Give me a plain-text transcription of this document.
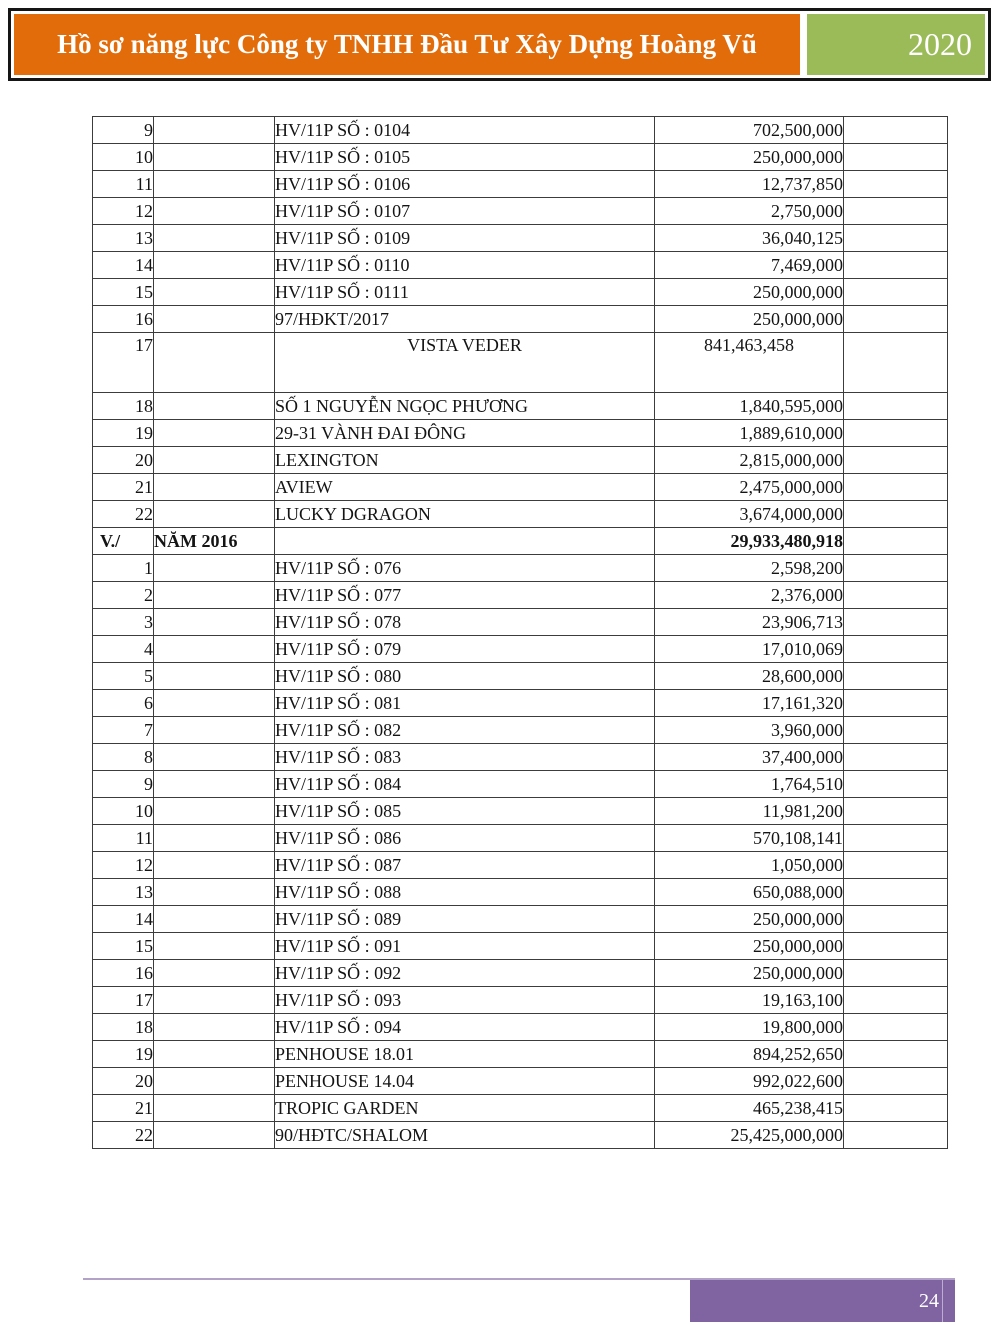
Hồ sơ năng lực Công ty TNHH Đầu Tư Xây Dựng Hoàng Vũ	2020
9		HV/11P SỐ : 0104	702,500,000	
10		HV/11P SỐ : 0105	250,000,000	
11		HV/11P SỐ : 0106	12,737,850	
12		HV/11P SỐ : 0107	2,750,000	
13		HV/11P SỐ : 0109	36,040,125	
14		HV/11P SỐ : 0110	7,469,000	
15		HV/11P SỐ : 0111	250,000,000	
16		97/HĐKT/2017	250,000,000	
17		VISTA VEDER	841,463,458	
18		SỐ 1 NGUYỄN NGỌC PHƯƠNG	1,840,595,000	
19		29-31 VÀNH ĐAI ĐÔNG	1,889,610,000	
20		LEXINGTON	2,815,000,000	
21		AVIEW	2,475,000,000	
22		LUCKY DGRAGON	3,674,000,000	
V./	NĂM 2016		29,933,480,918	
1		HV/11P SỐ : 076	2,598,200	
2		HV/11P SỐ : 077	2,376,000	
3		HV/11P SỐ : 078	23,906,713	
4		HV/11P SỐ : 079	17,010,069	
5		HV/11P SỐ : 080	28,600,000	
6		HV/11P SỐ : 081	17,161,320	
7		HV/11P SỐ : 082	3,960,000	
8		HV/11P SỐ : 083	37,400,000	
9		HV/11P SỐ : 084	1,764,510	
10		HV/11P SỐ : 085	11,981,200	
11		HV/11P SỐ : 086	570,108,141	
12		HV/11P SỐ : 087	1,050,000	
13		HV/11P SỐ : 088	650,088,000	
14		HV/11P SỐ : 089	250,000,000	
15		HV/11P SỐ : 091	250,000,000	
16		HV/11P SỐ : 092	250,000,000	
17		HV/11P SỐ : 093	19,163,100	
18		HV/11P SỐ : 094	19,800,000	
19		PENHOUSE 18.01	894,252,650	
20		PENHOUSE 14.04	992,022,600	
21		TROPIC GARDEN	465,238,415	
22		90/HĐTC/SHALOM	25,425,000,000	
24
